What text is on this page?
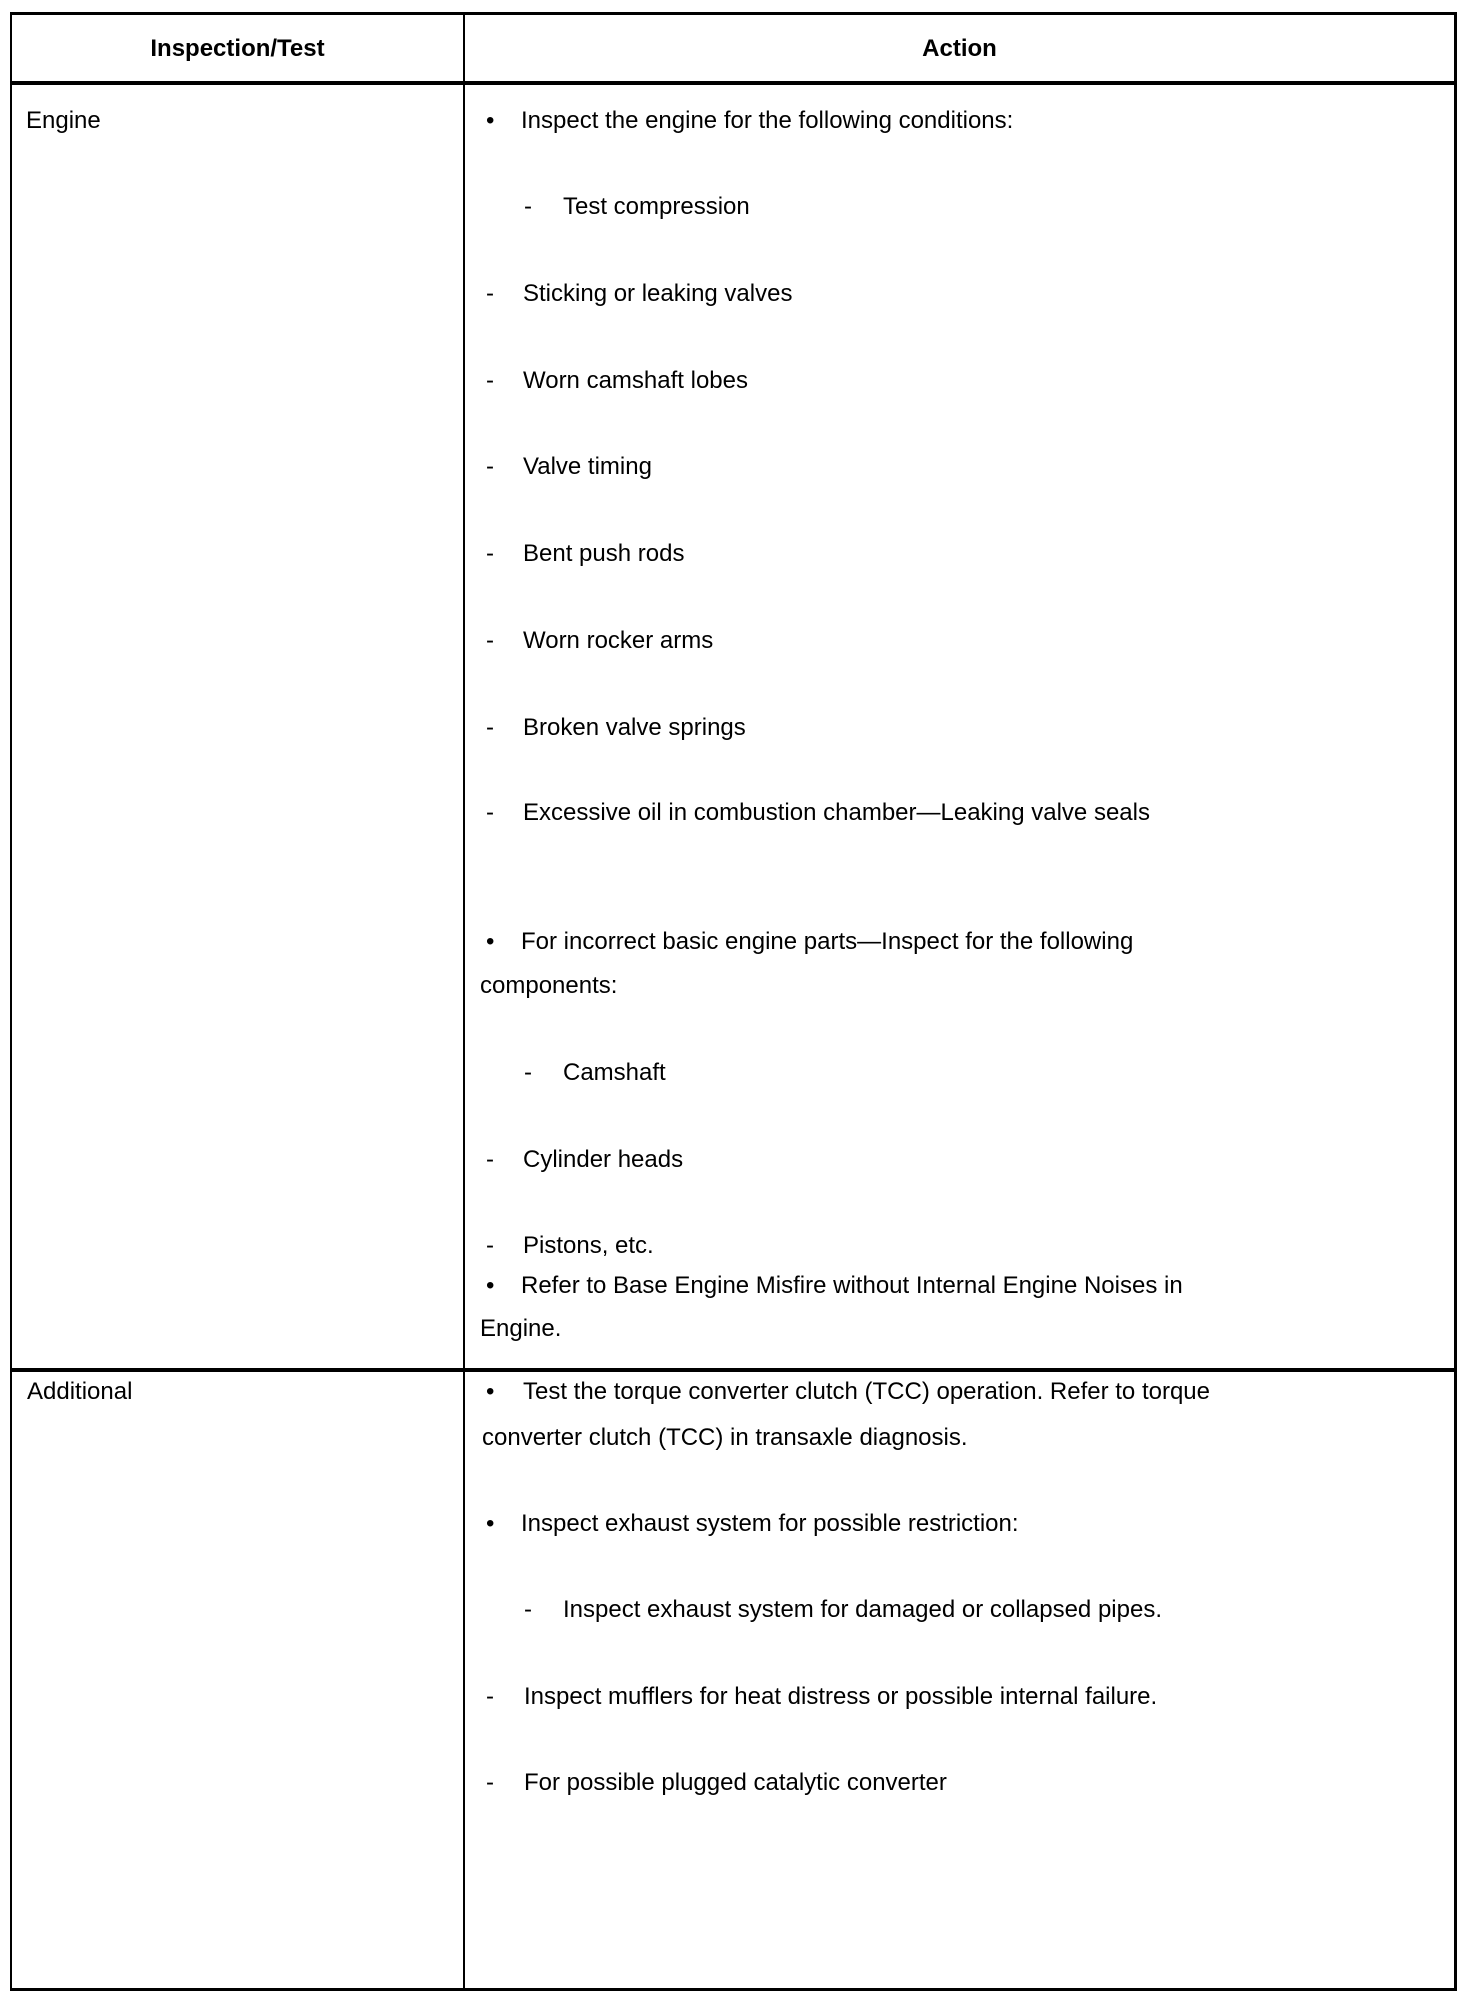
Inspection/Test	Action
Engine
Additional
• Inspect the engine for the following conditions:
- Test compression
- Sticking or leaking valves
- Worn camshaft lobes
- Valve timing
- Bent push rods
- Worn rocker arms
- Broken valve springs
- Excessive oil in combustion chamber—Leaking valve seals
• For incorrect basic engine parts—Inspect for the following
components:
- Camshaft
- Cylinder heads
- Pistons, etc.
• Refer to Base Engine Misfire without Internal Engine Noises in
Engine.
• Test the torque converter clutch (TCC) operation. Refer to torque
converter clutch (TCC) in transaxle diagnosis.
• Inspect exhaust system for possible restriction:
- Inspect exhaust system for damaged or collapsed pipes.
- Inspect mufflers for heat distress or possible internal failure.
- For possible plugged catalytic converter
